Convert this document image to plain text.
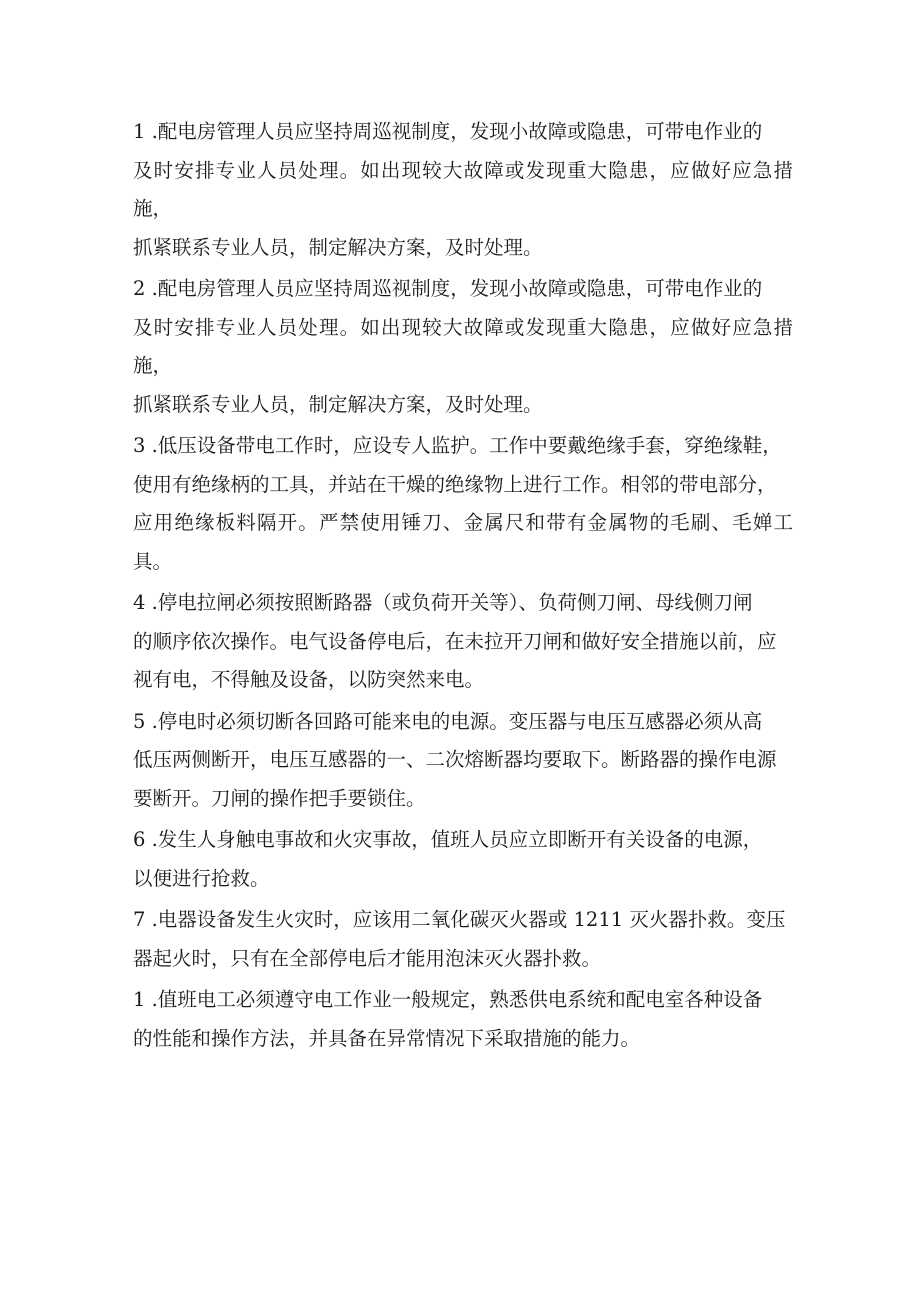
1 .配电房管理人员应坚持周巡视制度，发现小故障或隐患，可带电作业的
及时安排专业人员处理。如出现较大故障或发现重大隐患，应做好应急措施，
抓紧联系专业人员，制定解决方案，及时处理。

2 .配电房管理人员应坚持周巡视制度，发现小故障或隐患，可带电作业的
及时安排专业人员处理。如出现较大故障或发现重大隐患，应做好应急措施，
抓紧联系专业人员，制定解决方案，及时处理。

3 .低压设备带电工作时，应设专人监护。工作中要戴绝缘手套，穿绝缘鞋，
使用有绝缘柄的工具，并站在干燥的绝缘物上进行工作。相邻的带电部分，
应用绝缘板料隔开。严禁使用锤刀、金属尺和带有金属物的毛刷、毛婵工具。

4 .停电拉闸必须按照断路器（或负荷开关等）、负荷侧刀闸、母线侧刀闸
的顺序依次操作。电气设备停电后，在未拉开刀闸和做好安全措施以前，应
视有电，不得触及设备，以防突然来电。

5 .停电时必须切断各回路可能来电的电源。变压器与电压互感器必须从高
低压两侧断开，电压互感器的一、二次熔断器均要取下。断路器的操作电源
要断开。刀闸的操作把手要锁住。

6 .发生人身触电事故和火灾事故，值班人员应立即断开有关设备的电源，
以便进行抢救。

7 .电器设备发生火灾时，应该用二氧化碳灭火器或 1211 灭火器扑救。变压
器起火时，只有在全部停电后才能用泡沫灭火器扑救。

1 .值班电工必须遵守电工作业一般规定，熟悉供电系统和配电室各种设备
的性能和操作方法，并具备在异常情况下采取措施的能力。
